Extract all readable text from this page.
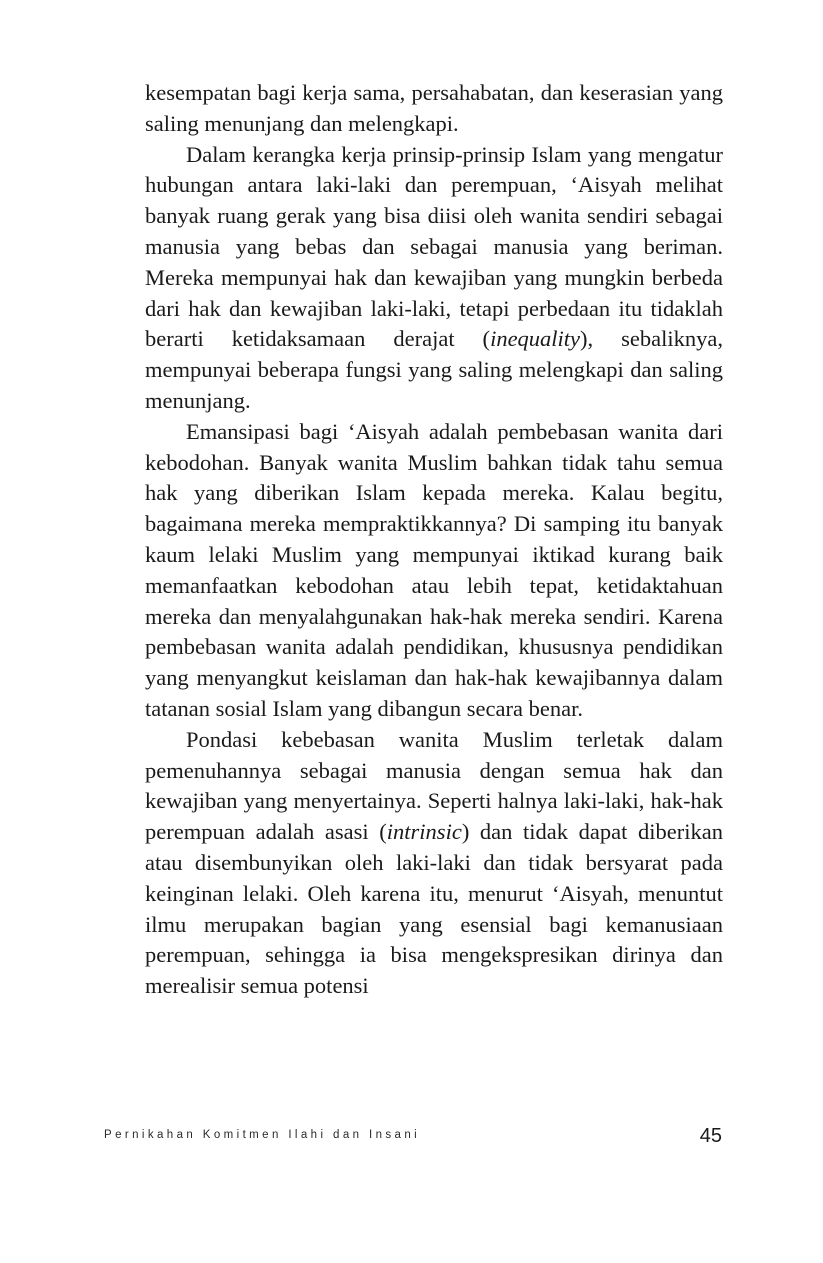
kesempatan bagi kerja sama, persahabatan, dan keserasian yang saling menunjang dan melengkapi.

Dalam kerangka kerja prinsip-prinsip Islam yang mengatur hubungan antara laki-laki dan perempuan, ‘Aisyah melihat banyak ruang gerak yang bisa diisi oleh wanita sendiri sebagai manusia yang bebas dan sebagai manusia yang beriman. Mereka mempunyai hak dan kewajiban yang mungkin berbeda dari hak dan kewajiban laki-laki, tetapi perbedaan itu tidaklah berarti ketidaksamaan derajat (inequality), sebaliknya, mempunyai beberapa fungsi yang saling melengkapi dan saling menunjang.

Emansipasi bagi ‘Aisyah adalah pembebasan wanita dari kebodohan. Banyak wanita Muslim bahkan tidak tahu semua hak yang diberikan Islam kepada mereka. Kalau begitu, bagaimana mereka mempraktikkannya? Di samping itu banyak kaum lelaki Muslim yang mempunyai iktikad kurang baik memanfaatkan kebodohan atau lebih tepat, ketidaktahuan mereka dan menyalahgunakan hak-hak mereka sendiri. Karena pembebasan wanita adalah pendidikan, khususnya pendidikan yang menyangkut keislaman dan hak-hak kewajibannya dalam tatanan sosial Islam yang dibangun secara benar.

Pondasi kebebasan wanita Muslim terletak dalam pemenuhannya sebagai manusia dengan semua hak dan kewajiban yang menyertainya. Seperti halnya laki-laki, hak-hak perempuan adalah asasi (intrinsic) dan tidak dapat diberikan atau disembunyikan oleh laki-laki dan tidak bersyarat pada keinginan lelaki. Oleh karena itu, menurut ‘Aisyah, menuntut ilmu merupakan bagian yang esensial bagi kemanusiaan perempuan, sehingga ia bisa mengekspresikan dirinya dan merealisir semua potensi

Pernikahan Komitmen Ilahi dan Insani	45
